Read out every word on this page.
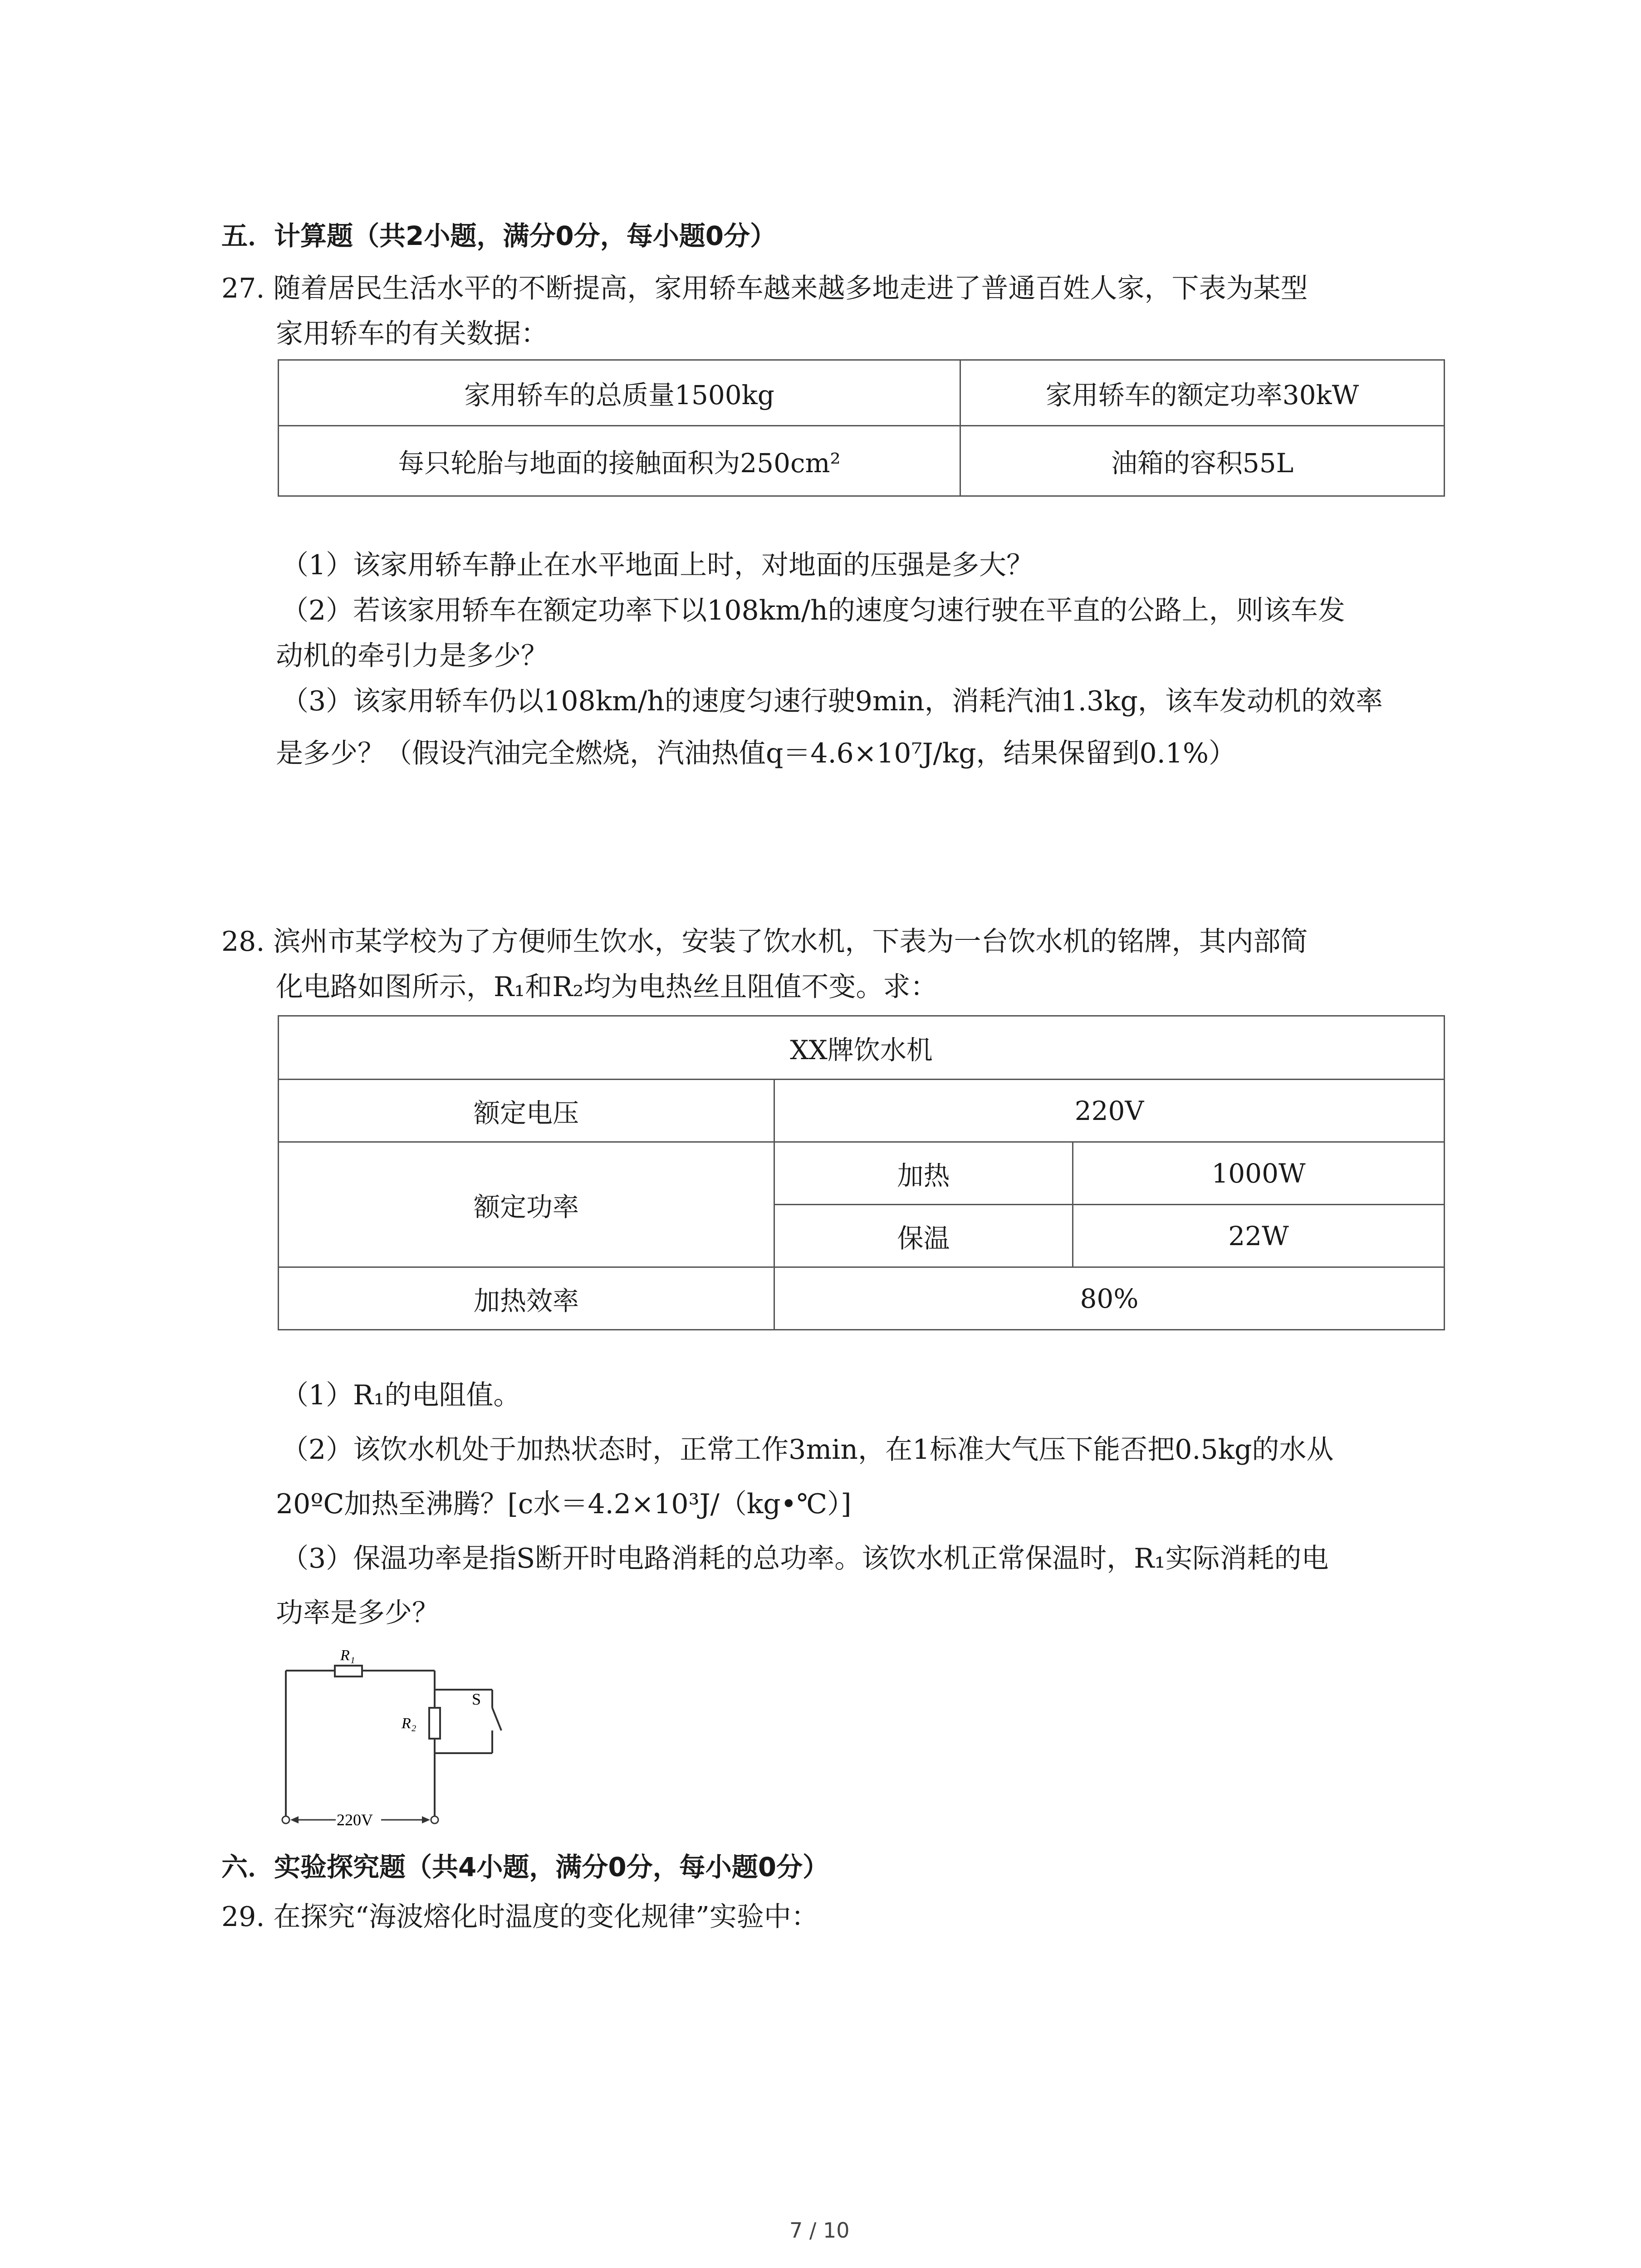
五．计算题（共2小题，满分0分，每小题0分）
27. 随着居民生活水平的不断提高，家用轿车越来越多地走进了普通百姓人家，下表为某型
家用轿车的有关数据：
家用轿车的总质量1500kg	家用轿车的额定功率30kW
每只轮胎与地面的接触面积为250cm²	油箱的容积55L
（1）该家用轿车静止在水平地面上时，对地面的压强是多大？
（2）若该家用轿车在额定功率下以108km/h的速度匀速行驶在平直的公路上，则该车发
动机的牵引力是多少？
（3）该家用轿车仍以108km/h的速度匀速行驶9min，消耗汽油1.3kg，该车发动机的效率
是多少？（假设汽油完全燃烧，汽油热值q＝4.6×10⁷J/kg，结果保留到0.1%）
28. 滨州市某学校为了方便师生饮水，安装了饮水机，下表为一台饮水机的铭牌，其内部简
化电路如图所示，R₁和R₂均为电热丝且阻值不变。求：
XX牌饮水机		
额定电压	220V	
额定功率	加热	1000W
	保温	22W
加热效率	80%	
（1）R₁的电阻值。
（2）该饮水机处于加热状态时，正常工作3min，在1标准大气压下能否把0.5kg的水从
20ºC加热至沸腾？[c水＝4.2×10³J/（kg•℃）]
（3）保温功率是指S断开时电路消耗的总功率。该饮水机正常保温时，R₁实际消耗的电
功率是多少？
R₁
R₂
S
220V
六．实验探究题（共4小题，满分0分，每小题0分）
29. 在探究“海波熔化时温度的变化规律”实验中：
7 / 10
